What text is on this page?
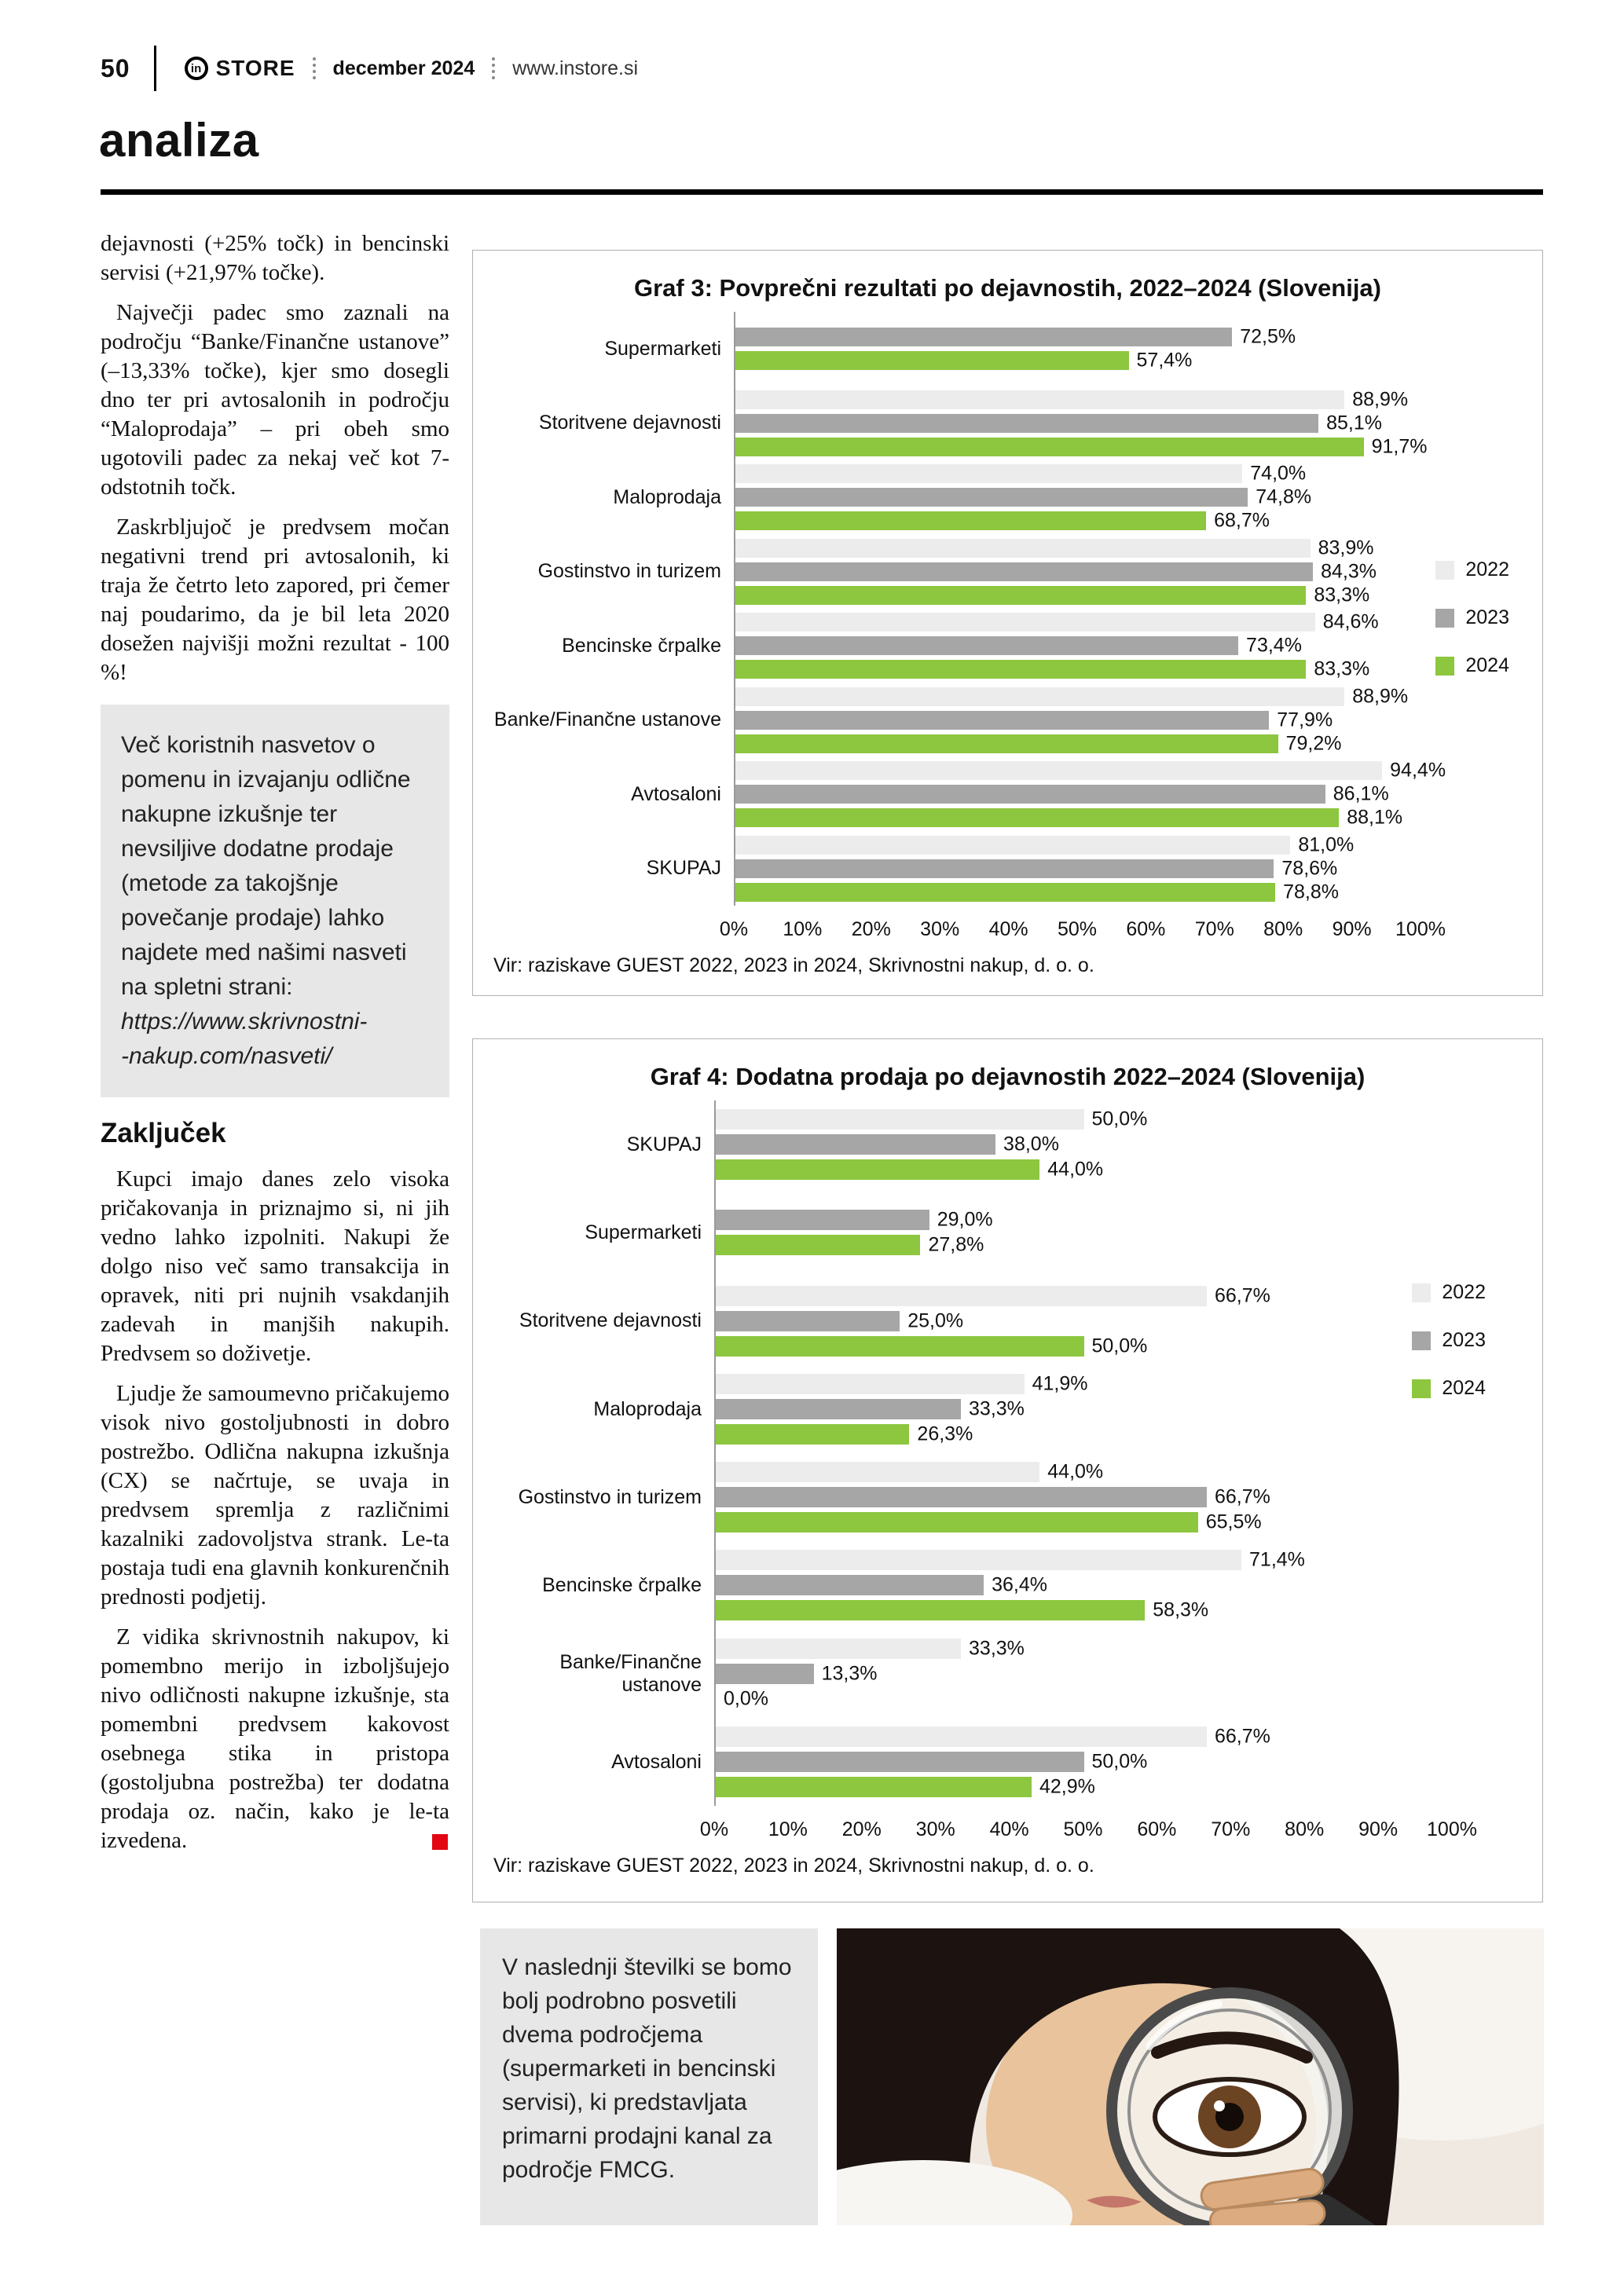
50	in STORE december 2024 www.instore.si
analiza

dejavnosti (+25% točk) in bencinski servisi (+21,97% točke).

Največji padec smo zaznali na področju “Banke/Finančne ustanove” (–13,33% točke), kjer smo dosegli dno ter pri avtosalonih in področju “Maloprodaja” – pri obeh smo ugotovili padec za nekaj več kot 7-odstotnih točk.

Zaskrbljujoč je predvsem močan negativni trend pri avtosalonih, ki traja že četrto leto zapored, pri čemer naj poudarimo, da je bil leta 2020 dosežen najvišji možni rezultat - 100 %!

Več koristnih nasvetov o pomenu in izvajanju odlične nakupne izkušnje ter nevsiljive dodatne prodaje (metode za takojšnje povečanje prodaje) lahko najdete med našimi nasveti na spletni strani:
https://www.skrivnostni-
-nakup.com/nasveti/
Zaključek

Kupci imajo danes zelo visoka pričakovanja in priznajmo si, ni jih vedno lahko izpolniti. Nakupi že dolgo niso več samo transakcija in opravek, niti pri nujnih vsakdanjih zadevah in manjših nakupih. Predvsem so doživetje.

Ljudje že samoumevno pričakujemo visok nivo gostoljubnosti in dobro postrežbo. Odlična nakupna izkušnja (CX) se načrtuje, se uvaja in predvsem spremlja z različnimi kazalniki zadovoljstva strank. Le-ta postaja tudi ena glavnih konkurenčnih prednosti podjetij.

Z vidika skrivnostnih nakupov, ki pomembno merijo in izboljšujejo nivo odličnosti nakupne izkušnje, sta pomembni predvsem kakovost osebnega stika in pristopa (gostoljubna postrežba) ter dodatna prodaja oz. način, kako je le-ta izvedena.

Graf 3: Povprečni rezultati po dejavnostih, 2022–2024 (Slovenija)
Supermarketi
72,5%
57,4%
Storitvene dejavnosti
88,9%
85,1%
91,7%
Maloprodaja
74,0%
74,8%
68,7%
Gostinstvo in turizem
83,9%
84,3%
83,3%
Bencinske črpalke
84,6%
73,4%
83,3%
Banke/Finančne ustanove
88,9%
77,9%
79,2%
Avtosaloni
94,4%
86,1%
88,1%
SKUPAJ
81,0%
78,6%
78,8%
0% 10% 20% 30% 40% 50% 60% 70% 80% 90% 100%
2022
2023
2024
Vir: raziskave GUEST 2022, 2023 in 2024, Skrivnostni nakup, d. o. o.
Graf 4: Dodatna prodaja po dejavnostih 2022–2024 (Slovenija)
SKUPAJ
50,0%
38,0%
44,0%
Supermarketi
29,0%
27,8%
Storitvene dejavnosti
66,7%
25,0%
50,0%
Maloprodaja
41,9%
33,3%
26,3%
Gostinstvo in turizem
44,0%
66,7%
65,5%
Bencinske črpalke
71,4%
36,4%
58,3%
Banke/Finančne ustanove
33,3%
13,3%
0,0%
Avtosaloni
66,7%
50,0%
42,9%
0% 10% 20% 30% 40% 50% 60% 70% 80% 90% 100%
2022
2023
2024
Vir: raziskave GUEST 2022, 2023 in 2024, Skrivnostni nakup, d. o. o.
V naslednji številki se bomo bolj podrobno posvetili dvema področjema (supermarketi in bencinski servisi), ki predstavljata primarni prodajni kanal za področje FMCG.
